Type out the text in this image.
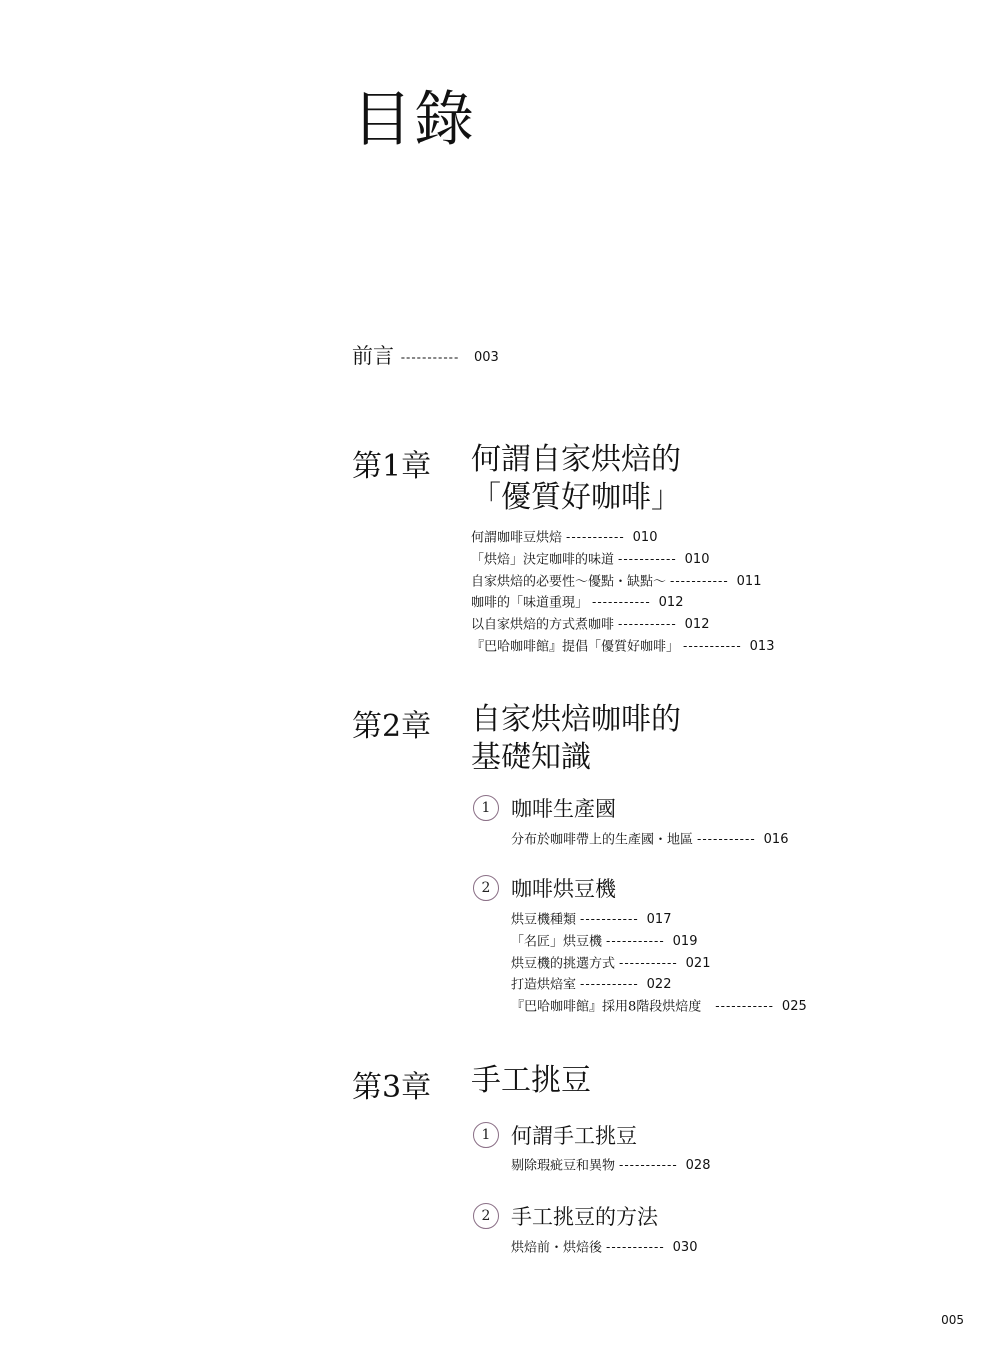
目錄
前言 ----------- 003
第1章 何謂自家烘焙的
「優質好咖啡」
何謂咖啡豆烘焙 ----------- 010
「烘焙」決定咖啡的味道 ----------- 010
自家烘焙的必要性～優點・缺點～ ----------- 011
咖啡的「味道重現」 ----------- 012
以自家烘焙的方式煮咖啡 ----------- 012
『巴哈咖啡館』提倡「優質好咖啡」 ----------- 013
第2章 自家烘焙咖啡的
基礎知識
1 咖啡生產國
分布於咖啡帶上的生產國・地區 ----------- 016
2 咖啡烘豆機
烘豆機種類 ----------- 017
「名匠」烘豆機 ----------- 019
烘豆機的挑選方式 ----------- 021
打造烘焙室 ----------- 022
『巴哈咖啡館』採用8階段烘焙度 ----------- 025
第3章 手工挑豆
1 何謂手工挑豆
剔除瑕疵豆和異物 ----------- 028
2 手工挑豆的方法
烘焙前・烘焙後 ----------- 030
005
